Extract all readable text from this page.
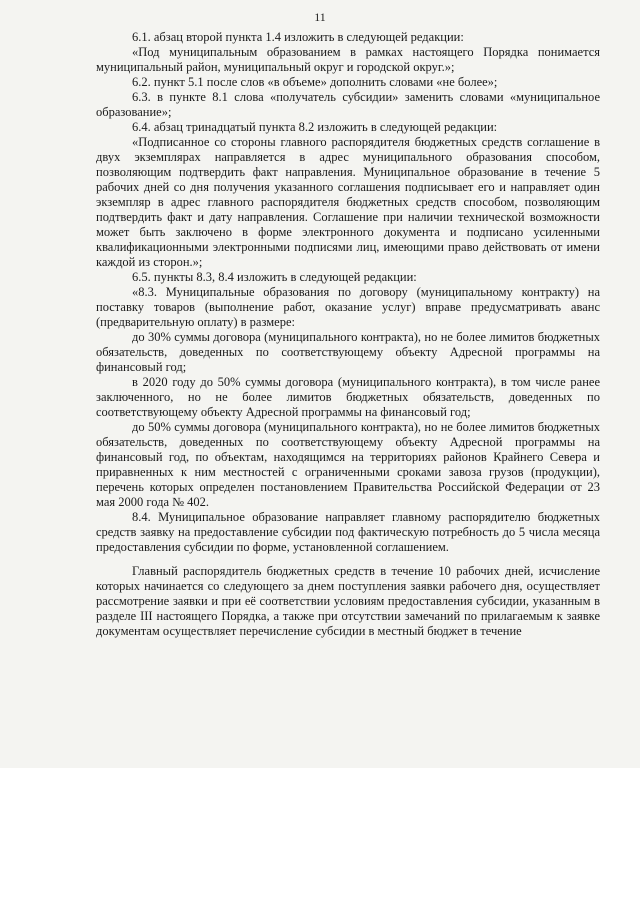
11

6.1. абзац второй пункта 1.4 изложить в следующей редакции:

«Под муниципальным образованием в рамках настоящего Порядка понимается муниципальный район, муниципальный округ и городской округ.»;

6.2. пункт 5.1 после слов «в объеме» дополнить словами «не более»;

6.3. в пункте 8.1 слова «получатель субсидии» заменить словами «муниципальное образование»;

6.4. абзац тринадцатый пункта 8.2 изложить в следующей редакции:

«Подписанное со стороны главного распорядителя бюджетных средств соглашение в двух экземплярах направляется в адрес муниципального образования способом, позволяющим подтвердить факт направления. Муниципальное образование в течение 5 рабочих дней со дня получения указанного соглашения подписывает его и направляет один экземпляр в адрес главного распорядителя бюджетных средств способом, позволяющим подтвердить факт и дату направления. Соглашение при наличии технической возможности может быть заключено в форме электронного документа и подписано усиленными квалификационными электронными подписями лиц, имеющими право действовать от имени каждой из сторон.»;

6.5. пункты 8.3, 8.4 изложить в следующей редакции:

«8.3. Муниципальные образования по договору (муниципальному контракту) на поставку товаров (выполнение работ, оказание услуг) вправе предусматривать аванс (предварительную оплату) в размере:

до 30% суммы договора (муниципального контракта), но не более лимитов бюджетных обязательств, доведенных по соответствующему объекту Адресной программы на финансовый год;

в 2020 году до 50% суммы договора (муниципального контракта), в том числе ранее заключенного, но не более лимитов бюджетных обязательств, доведенных по соответствующему объекту Адресной программы на финансовый год;

до 50% суммы договора (муниципального контракта), но не более лимитов бюджетных обязательств, доведенных по соответствующему объекту Адресной программы на финансовый год, по объектам, находящимся на территориях районов Крайнего Севера и приравненных к ним местностей с ограниченными сроками завоза грузов (продукции), перечень которых определен постановлением Правительства Российской Федерации от 23 мая 2000 года № 402.

8.4. Муниципальное образование направляет главному распорядителю бюджетных средств заявку на предоставление субсидии под фактическую потребность до 5 числа месяца предоставления субсидии по форме, установленной соглашением.

Главный распорядитель бюджетных средств в течение 10 рабочих дней, исчисление которых начинается со следующего за днем поступления заявки рабочего дня, осуществляет рассмотрение заявки и при её соответствии условиям предоставления субсидии, указанным в разделе III настоящего Порядка, а также при отсутствии замечаний по прилагаемым к заявке документам осуществляет перечисление субсидии в местный бюджет в течение
